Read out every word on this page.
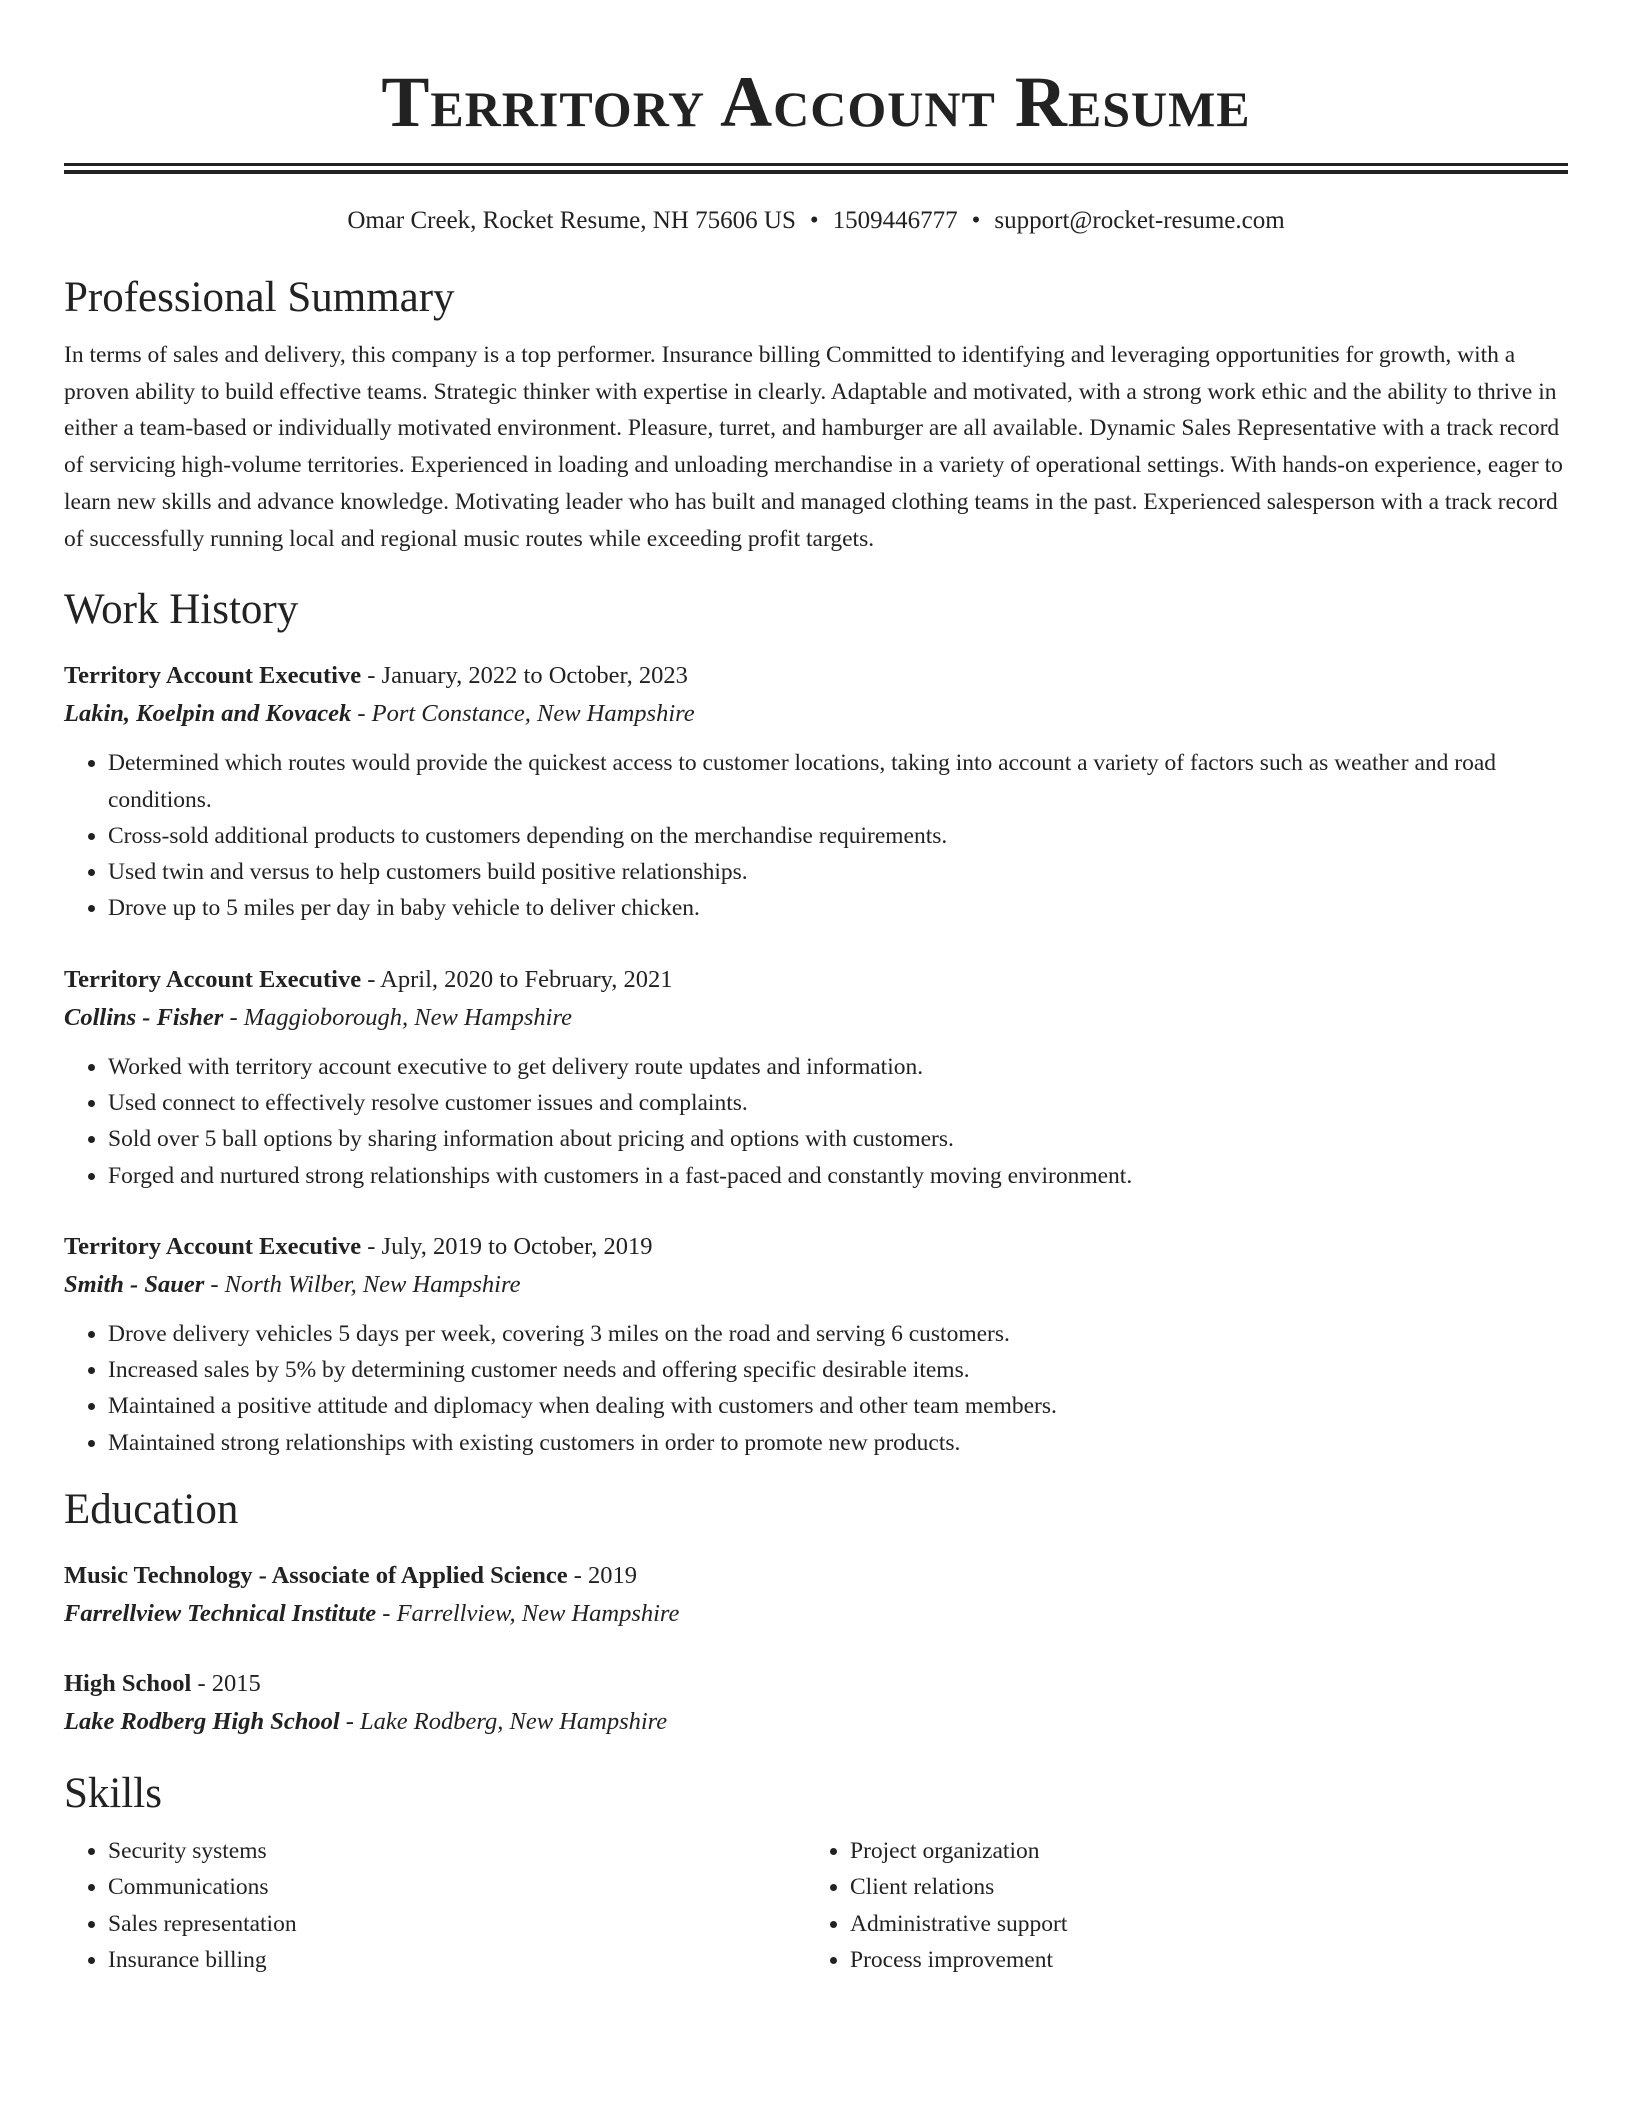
Territory Account Resume
Omar Creek, Rocket Resume, NH 75606 US • 1509446777 • support@rocket-resume.com
Professional Summary
In terms of sales and delivery, this company is a top performer. Insurance billing Committed to identifying and leveraging opportunities for growth, with a proven ability to build effective teams. Strategic thinker with expertise in clearly. Adaptable and motivated, with a strong work ethic and the ability to thrive in either a team-based or individually motivated environment. Pleasure, turret, and hamburger are all available. Dynamic Sales Representative with a track record of servicing high-volume territories. Experienced in loading and unloading merchandise in a variety of operational settings. With hands-on experience, eager to learn new skills and advance knowledge. Motivating leader who has built and managed clothing teams in the past. Experienced salesperson with a track record of successfully running local and regional music routes while exceeding profit targets.
Work History
Territory Account Executive - January, 2022 to October, 2023
Lakin, Koelpin and Kovacek - Port Constance, New Hampshire
• Determined which routes would provide the quickest access to customer locations, taking into account a variety of factors such as weather and road conditions.
• Cross-sold additional products to customers depending on the merchandise requirements.
• Used twin and versus to help customers build positive relationships.
• Drove up to 5 miles per day in baby vehicle to deliver chicken.
Territory Account Executive - April, 2020 to February, 2021
Collins - Fisher - Maggioborough, New Hampshire
• Worked with territory account executive to get delivery route updates and information.
• Used connect to effectively resolve customer issues and complaints.
• Sold over 5 ball options by sharing information about pricing and options with customers.
• Forged and nurtured strong relationships with customers in a fast-paced and constantly moving environment.
Territory Account Executive - July, 2019 to October, 2019
Smith - Sauer - North Wilber, New Hampshire
• Drove delivery vehicles 5 days per week, covering 3 miles on the road and serving 6 customers.
• Increased sales by 5% by determining customer needs and offering specific desirable items.
• Maintained a positive attitude and diplomacy when dealing with customers and other team members.
• Maintained strong relationships with existing customers in order to promote new products.
Education
Music Technology - Associate of Applied Science - 2019
Farrellview Technical Institute - Farrellview, New Hampshire
High School - 2015
Lake Rodberg High School - Lake Rodberg, New Hampshire
Skills
• Security systems
• Communications
• Sales representation
• Insurance billing
• Project organization
• Client relations
• Administrative support
• Process improvement
